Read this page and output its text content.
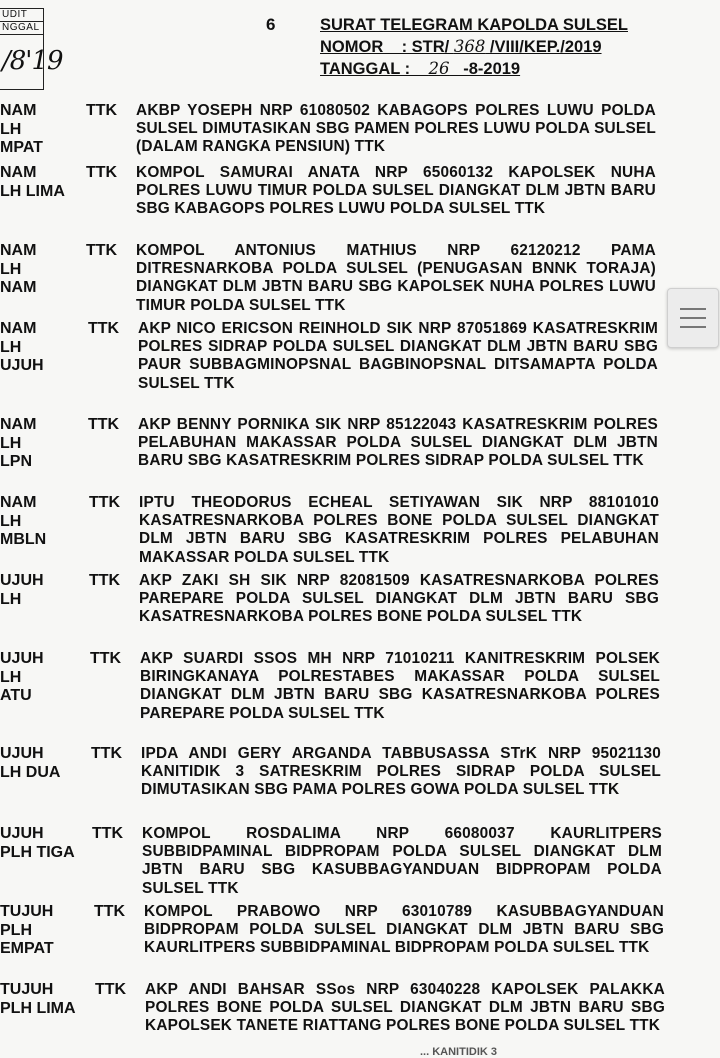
UDIT
NGGAL
/8'19
6	SURAT TELEGRAM KAPOLDA SULSEL
NOMOR    : STR/ 368 /VIII/KEP./2019
TANGGAL :    26   -8-2019
NAM
LH
MPAT
TTK AKBP YOSEPH NRP 61080502 KABAGOPS POLRES LUWU POLDA SULSEL DIMUTASIKAN SBG PAMEN POLRES LUWU POLDA SULSEL (DALAM RANGKA PENSIUN) TTK
NAM
LH LIMA
TTK KOMPOL SAMURAI ANATA NRP 65060132 KAPOLSEK NUHA POLRES LUWU TIMUR POLDA SULSEL DIANGKAT DLM JBTN BARU SBG KABAGOPS POLRES LUWU POLDA SULSEL TTK
NAM
LH
NAM
TTK KOMPOL ANTONIUS MATHIUS NRP 62120212 PAMA DITRESNARKOBA POLDA SULSEL (PENUGASAN BNNK TORAJA) DIANGKAT DLM JBTN BARU SBG KAPOLSEK NUHA POLRES LUWU TIMUR POLDA SULSEL TTK
NAM
LH
UJUH
TTK AKP NICO ERICSON REINHOLD SIK NRP 87051869 KASATRESKRIM POLRES SIDRAP POLDA SULSEL DIANGKAT DLM JBTN BARU SBG PAUR SUBBAGMINOPSNAL BAGBINOPSNAL DITSAMAPTA POLDA SULSEL TTK
NAM
LH
LPN
TTK AKP BENNY PORNIKA SIK NRP 85122043 KASATRESKRIM POLRES PELABUHAN MAKASSAR POLDA SULSEL DIANGKAT DLM JBTN BARU SBG KASATRESKRIM POLRES SIDRAP POLDA SULSEL TTK
NAM
LH
MBLN
TTK IPTU THEODORUS ECHEAL SETIYAWAN SIK NRP 88101010 KASATRESNARKOBA POLRES BONE POLDA SULSEL DIANGKAT DLM JBTN BARU SBG KASATRESKRIM POLRES PELABUHAN MAKASSAR POLDA SULSEL TTK
UJUH
LH
TTK AKP ZAKI SH SIK NRP 82081509 KASATRESNARKOBA POLRES PAREPARE POLDA SULSEL DIANGKAT DLM JBTN BARU SBG KASATRESNARKOBA POLRES BONE POLDA SULSEL TTK
UJUH
LH
ATU
TTK AKP SUARDI SSOS MH NRP 71010211 KANITRESKRIM POLSEK BIRINGKANAYA POLRESTABES MAKASSAR POLDA SULSEL DIANGKAT DLM JBTN BARU SBG KASATRESNARKOBA POLRES PAREPARE POLDA SULSEL TTK
UJUH
LH DUA
TTK IPDA ANDI GERY ARGANDA TABBUSASSA STrK NRP 95021130 KANITIDIK 3 SATRESKRIM POLRES SIDRAP POLDA SULSEL DIMUTASIKAN SBG PAMA POLRES GOWA POLDA SULSEL TTK
UJUH
PLH TIGA
TTK KOMPOL ROSDALIMA NRP 66080037 KAURLITPERS SUBBIDPAMINAL BIDPROPAM POLDA SULSEL DIANGKAT DLM JBTN BARU SBG KASUBBAGYANDUAN BIDPROPAM POLDA SULSEL TTK
TUJUH
PLH
EMPAT
TTK KOMPOL PRABOWO NRP 63010789 KASUBBAGYANDUAN BIDPROPAM POLDA SULSEL DIANGKAT DLM JBTN BARU SBG KAURLITPERS SUBBIDPAMINAL BIDPROPAM POLDA SULSEL TTK
TUJUH
PLH LIMA
TTK AKP ANDI BAHSAR SSos NRP 63040228 KAPOLSEK PALAKKA POLRES BONE POLDA SULSEL DIANGKAT DLM JBTN BARU SBG KAPOLSEK TANETE RIATTANG POLRES BONE POLDA SULSEL TTK
... KANITIDIK 3
